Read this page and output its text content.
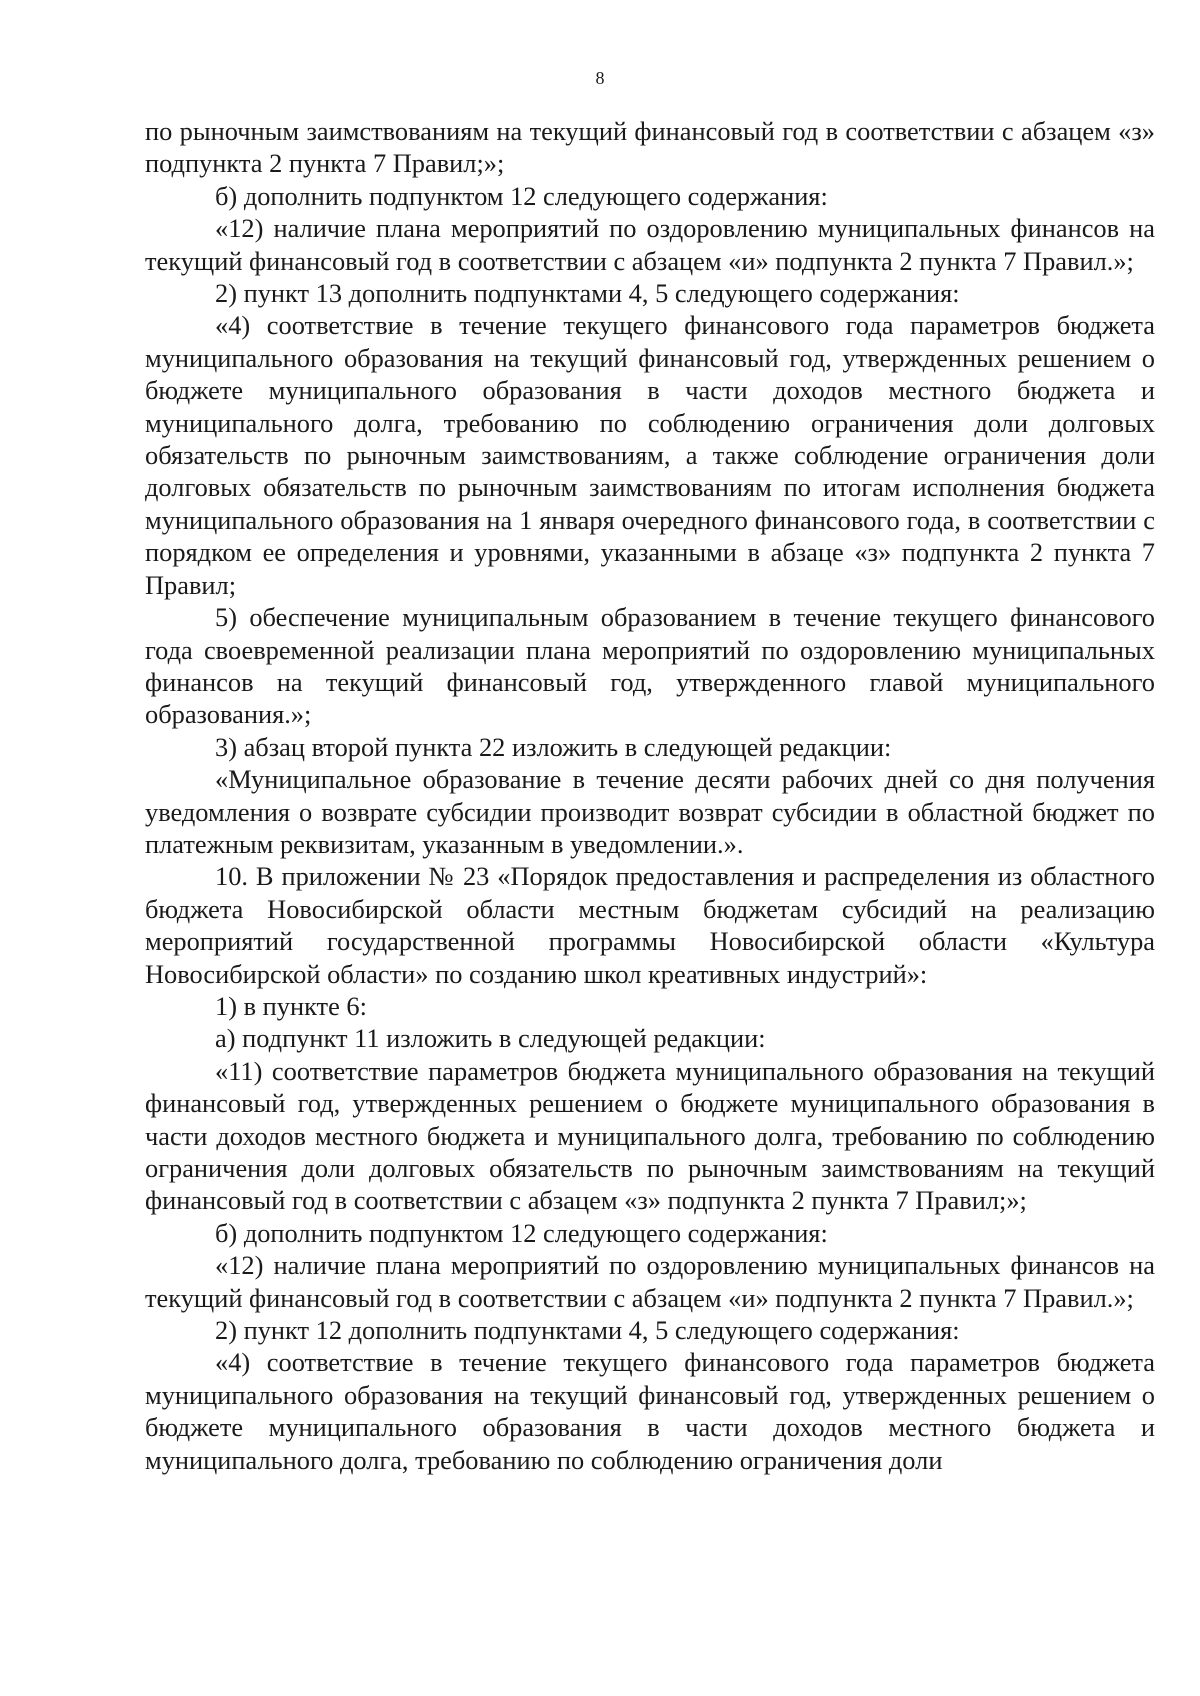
8

по рыночным заимствованиям на текущий финансовый год в соответствии с абзацем «з» подпункта 2 пункта 7 Правил;»;

б) дополнить подпунктом 12 следующего содержания:

«12) наличие плана мероприятий по оздоровлению муниципальных финансов на текущий финансовый год в соответствии с абзацем «и» подпункта 2 пункта 7 Правил.»;

2) пункт 13 дополнить подпунктами 4, 5 следующего содержания:

«4) соответствие в течение текущего финансового года параметров бюджета муниципального образования на текущий финансовый год, утвержденных решением о бюджете муниципального образования в части доходов местного бюджета и муниципального долга, требованию по соблюдению ограничения доли долговых обязательств по рыночным заимствованиям, а также соблюдение ограничения доли долговых обязательств по рыночным заимствованиям по итогам исполнения бюджета муниципального образования на 1 января очередного финансового года, в соответствии с порядком ее определения и уровнями, указанными в абзаце «з» подпункта 2 пункта 7 Правил;

5) обеспечение муниципальным образованием в течение текущего финансового года своевременной реализации плана мероприятий по оздоровлению муниципальных финансов на текущий финансовый год, утвержденного главой муниципального образования.»;

3) абзац второй пункта 22 изложить в следующей редакции:

«Муниципальное образование в течение десяти рабочих дней со дня получения уведомления о возврате субсидии производит возврат субсидии в областной бюджет по платежным реквизитам, указанным в уведомлении.».

10. В приложении № 23 «Порядок предоставления и распределения из областного бюджета Новосибирской области местным бюджетам субсидий на реализацию мероприятий государственной программы Новосибирской области «Культура Новосибирской области» по созданию школ креативных индустрий»:

1) в пункте 6:

а) подпункт 11 изложить в следующей редакции:

«11) соответствие параметров бюджета муниципального образования на текущий финансовый год, утвержденных решением о бюджете муниципального образования в части доходов местного бюджета и муниципального долга, требованию по соблюдению ограничения доли долговых обязательств по рыночным заимствованиям на текущий финансовый год в соответствии с абзацем «з» подпункта 2 пункта 7 Правил;»;

б) дополнить подпунктом 12 следующего содержания:

«12) наличие плана мероприятий по оздоровлению муниципальных финансов на текущий финансовый год в соответствии с абзацем «и» подпункта 2 пункта 7 Правил.»;

2) пункт 12 дополнить подпунктами 4, 5 следующего содержания:

«4) соответствие в течение текущего финансового года параметров бюджета муниципального образования на текущий финансовый год, утвержденных решением о бюджете муниципального образования в части доходов местного бюджета и муниципального долга, требованию по соблюдению ограничения доли
